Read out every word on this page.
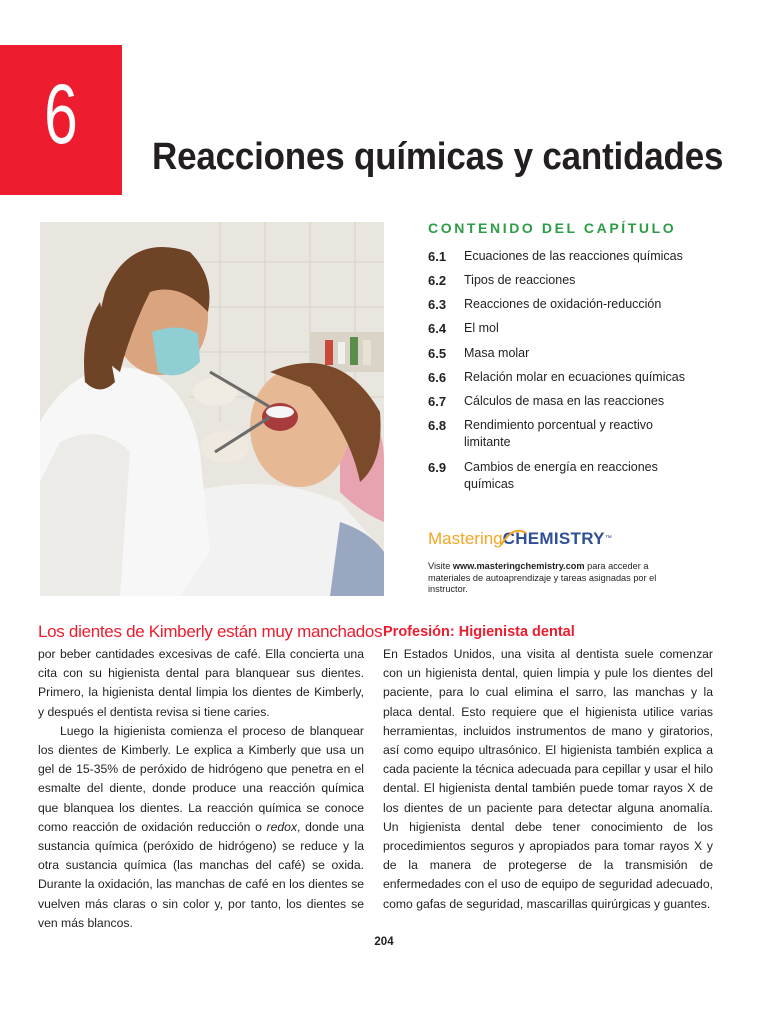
6	Reacciones químicas y cantidades
CONTENIDO DEL CAPÍTULO
6.1 Ecuaciones de las reacciones químicas
6.2 Tipos de reacciones
6.3 Reacciones de oxidación-reducción
6.4 El mol
6.5 Masa molar
6.6 Relación molar en ecuaciones químicas
6.7 Cálculos de masa en las reacciones
6.8 Rendimiento porcentual y reactivo limitante
6.9 Cambios de energía en reacciones químicas
MasteringCHEMISTRY™
Visite www.masteringchemistry.com para acceder a materiales de autoaprendizaje y tareas asignadas por el instructor.
Los dientes de Kimberly están muy manchados

por beber cantidades excesivas de café. Ella concierta una cita con su higienista dental para blanquear sus dientes. Primero, la higienista dental limpia los dientes de Kimberly, y después el dentista revisa si tiene caries.

Luego la higienista comienza el proceso de blanquear los dientes de Kimberly. Le explica a Kimberly que usa un gel de 15-35% de peróxido de hidrógeno que penetra en el esmalte del diente, donde produce una reacción química que blanquea los dientes. La reacción química se conoce como reacción de oxidación reducción o redox, donde una sustancia química (peróxido de hidrógeno) se reduce y la otra sustancia química (las manchas del café) se oxida. Durante la oxidación, las manchas de café en los dientes se vuelven más claras o sin color y, por tanto, los dientes se ven más blancos.

Profesión: Higienista dental

En Estados Unidos, una visita al dentista suele comenzar con un higienista dental, quien limpia y pule los dientes del paciente, para lo cual elimina el sarro, las manchas y la placa dental. Esto requiere que el higienista utilice varias herramientas, incluidos instrumentos de mano y giratorios, así como equipo ultrasónico. El higienista también explica a cada paciente la técnica adecuada para cepillar y usar el hilo dental. El higienista dental también puede tomar rayos X de los dientes de un paciente para detectar alguna anomalía. Un higienista dental debe tener conocimiento de los procedimientos seguros y apropiados para tomar rayos X y de la manera de protegerse de la transmisión de enfermedades con el uso de equipo de seguridad adecuado, como gafas de seguridad, mascarillas quirúrgicas y guantes.

204
